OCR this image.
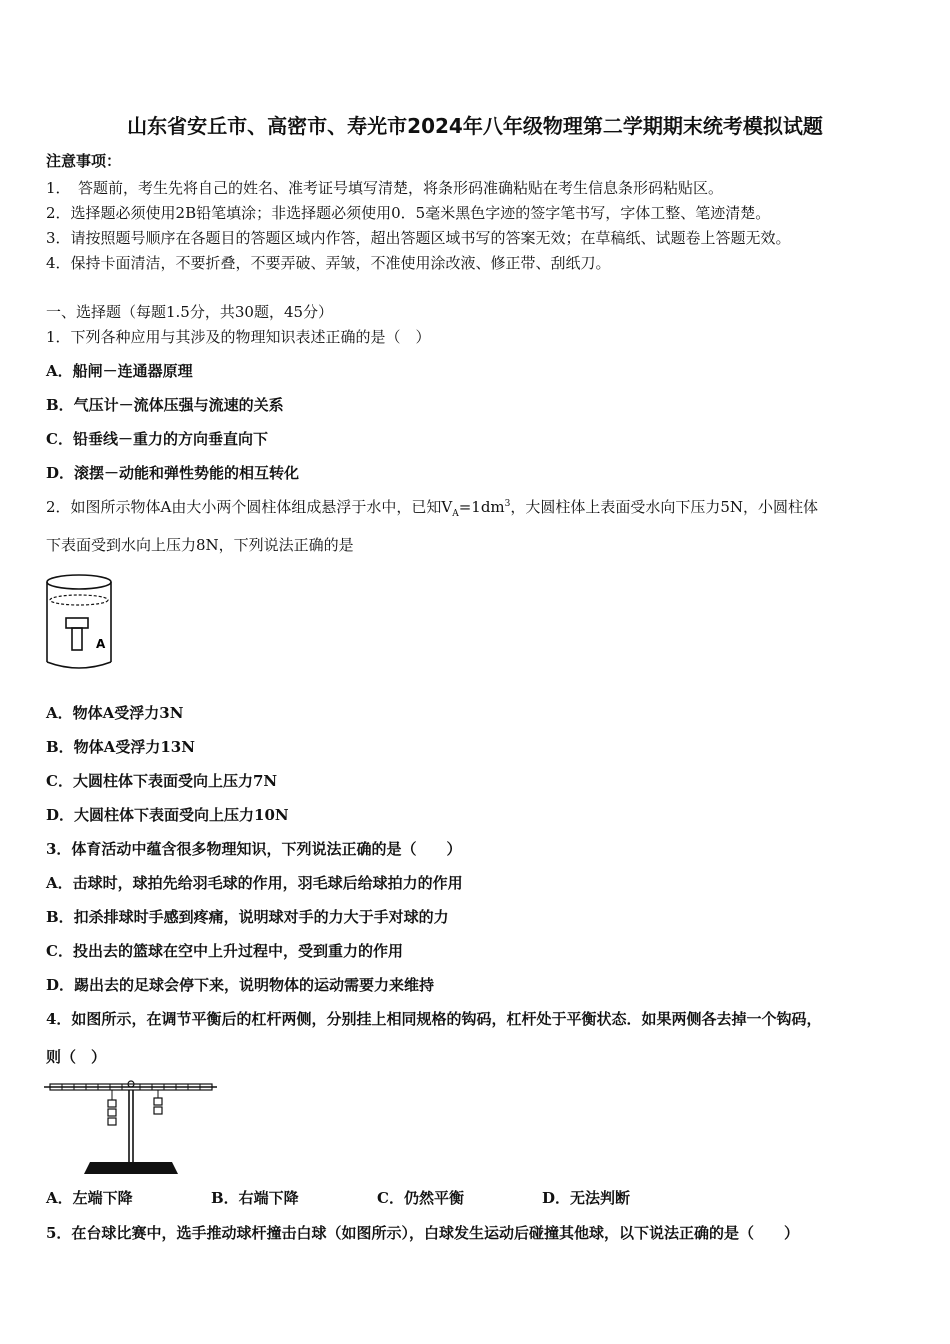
山东省安丘市、高密市、寿光市2024年八年级物理第二学期期末统考模拟试题
注意事项：
1．　答题前，考生先将自己的姓名、准考证号填写清楚，将条形码准确粘贴在考生信息条形码粘贴区。
2．选择题必须使用2B铅笔填涂；非选择题必须使用0．5毫米黑色字迹的签字笔书写，字体工整、笔迹清楚。
3．请按照题号顺序在各题目的答题区域内作答，超出答题区域书写的答案无效；在草稿纸、试题卷上答题无效。
4．保持卡面清洁，不要折叠，不要弄破、弄皱，不准使用涂改液、修正带、刮纸刀。
一、选择题（每题1.5分，共30题，45分）
1．下列各种应用与其涉及的物理知识表述正确的是（　）
A．船闸－连通器原理
B．气压计－流体压强与流速的关系
C．铅垂线－重力的方向垂直向下
D．滚摆－动能和弹性势能的相互转化
2．如图所示物体A由大小两个圆柱体组成悬浮于水中，已知$V_A=1dm^3$，大圆柱体上表面受水向下压力5N，小圆柱体
下表面受到水向上压力8N，下列说法正确的是
A
A．物体A受浮力3N
B．物体A受浮力13N
C．大圆柱体下表面受向上压力7N
D．大圆柱体下表面受向上压力10N
3．体育活动中蕴含很多物理知识，下列说法正确的是（　　）
A．击球时，球拍先给羽毛球的作用，羽毛球后给球拍力的作用
B．扣杀排球时手感到疼痛，说明球对手的力大于手对球的力
C．投出去的篮球在空中上升过程中，受到重力的作用
D．踢出去的足球会停下来，说明物体的运动需要力来维持
4．如图所示，在调节平衡后的杠杆两侧，分别挂上相同规格的钩码，杠杆处于平衡状态．如果两侧各去掉一个钩码，
则（　）
A．左端下降	B．右端下降	C．仍然平衡	D．无法判断
5．在台球比赛中，选手推动球杆撞击白球（如图所示），白球发生运动后碰撞其他球，以下说法正确的是（　　）
